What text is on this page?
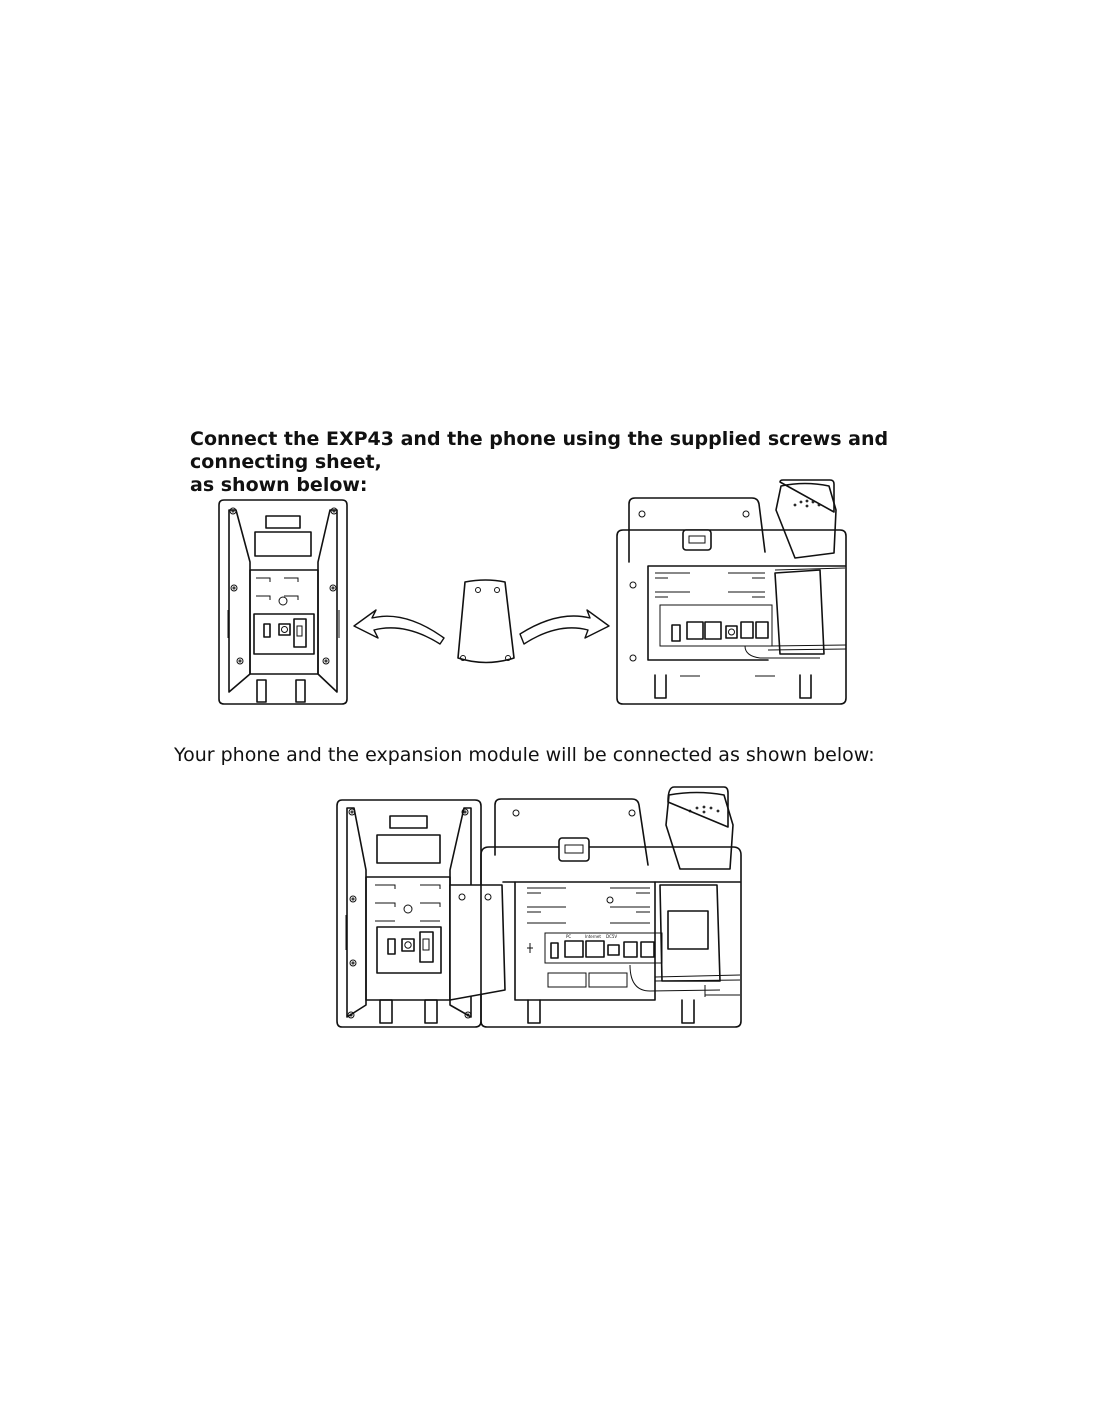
Connect the EXP43 and the phone using the supplied screws and connecting sheet,
as shown below:

Your phone and the expansion module will be connected as shown below:

PC	Internet DC5V
